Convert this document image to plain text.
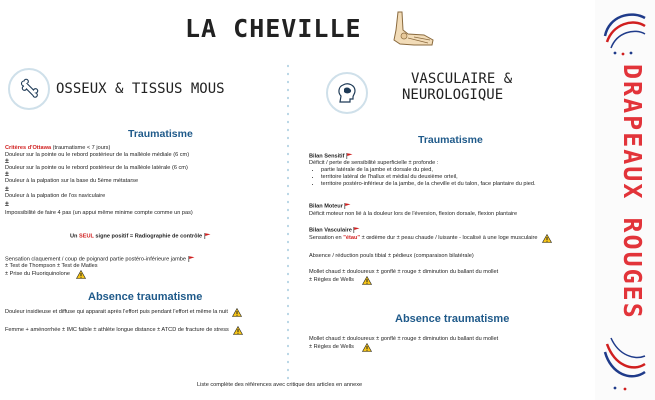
LA CHEVILLE
OSSEUX & TISSUS MOUS
VASCULAIRE &
NEUROLOGIQUE
Traumatisme
Critères d'Ottawa (traumatisme < 7 jours)
Douleur sur la pointe ou le rebord postérieur de la malléole médiale (6 cm)
±
Douleur sur la pointe ou le rebord postérieur de la malléole latérale (6 cm)
±
Douleur à la palpation sur la base du 5ème métatarse
±
Douleur à la palpation de l'os naviculaire
±
Impossibilité de faire 4 pas (un appui même minime compte comme un pas)
Un SEUL signe positif = Radiographie de contrôle
Sensation claquement / coup de poignard partie postéro-inférieure jambe
± Test de Thompson ± Test de Matles
± Prise du Fluoriquinolone
Absence traumatisme
Douleur insidieuse et diffuse qui apparait après l'effort puis pendant l'effort et même la nuit
Femme + aménorrhée ± IMC faible ± athlète longue distance ± ATCD de fracture de stress
Traumatisme
Bilan Sensitif
Déficit / perte de sensibilité superficielle ± profonde :
• partie latérale de la jambe et dorsale du pied,
• territoire latéral de l'hallux et médial du deuxième orteil,
• territoire postéro-inférieur de la jambe, de la cheville et du talon, face plantaire du pied.
Bilan Moteur
Déficit moteur non lié à la douleur lors de l'éversion, flexion dorsale, flexion plantaire
Bilan Vasculaire
Sensation en "étau" ± œdème dur ± peau chaude / luisante - localisé à une loge musculaire
Absence / réduction pouls tibial ± pédieux (comparaison bilatérale)
Mollet chaud ± douloureux ± gonflé ± rouge ± diminution du ballant du mollet
± Règles de Wells
Absence traumatisme
Mollet chaud ± douloureux ± gonflé ± rouge ± diminution du ballant du mollet
± Règles de Wells
Liste complète des références avec critique des articles en annexe
DRAPEAUX ROUGES
